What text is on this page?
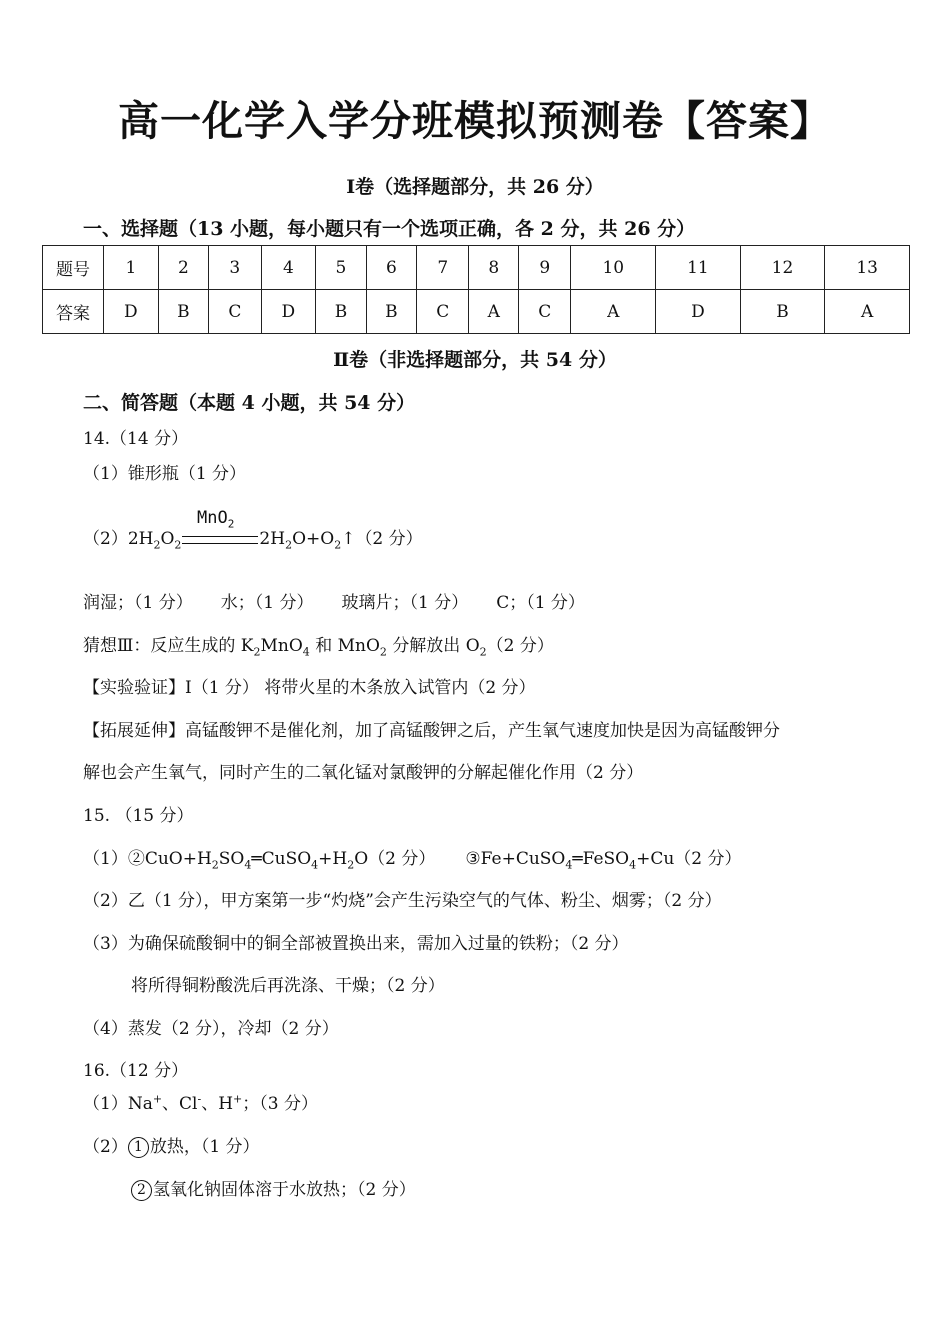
高一化学入学分班模拟预测卷【答案】
Ⅰ卷（选择题部分，共 26 分）
一、选择题（13 小题，每小题只有一个选项正确，各 2 分，共 26 分）
题号	1	2	3	4	5	6	7	8	9	10	11	12	13
答案	D	B	C	D	B	B	C	A	C	A	D	B	A
Ⅱ卷（非选择题部分，共 54 分）
二、简答题（本题 4 小题，共 54 分）
14.（14 分）
（1）锥形瓶（1 分）
MnO$_2$
$(2)2H_2O_2$	$2H_2O+O_2↑(2$ 分）
润湿；（1 分） 水；（1 分） 玻璃片；（1 分） C；（1 分）
猜想Ⅲ：反应生成的 $K_2MnO_4$ 和 MnO$_2$ 分解放出 $O_2(2$ 分）
【实验验证】Ⅰ（1 分） 将带火星的木条放入试管内（2 分）
【拓展延伸】高锰酸钾不是催化剂，加了高锰酸钾之后，产生氧气速度加快是因为高锰酸钾分
解也会产生氧气，同时产生的二氧化锰对氯酸钾的分解起催化作用（2 分）
15. （15 分）
$(1)②CuO+H_2SO_4═CuSO_4+H_2O(2$ 分） ③Fe+CuSO$_4$═FeSO$_4$+Cu（2 分）
（2）乙（1 分），甲方案第一步“灼烧”会产生污染空气的气体、粉尘、烟雾；（2 分）
（3）为确保硫酸铜中的铜全部被置换出来，需加入过量的铁粉；（2 分）
将所得铜粉酸洗后再洗涤、干燥；（2 分）
（4）蒸发（2 分），冷却（2 分）
16.（12 分）
（1）Na+、Cl-、H+；（3 分）
（2） 1 放热，（1 分）
2 氢氧化钠固体溶于水放热；（2 分）
